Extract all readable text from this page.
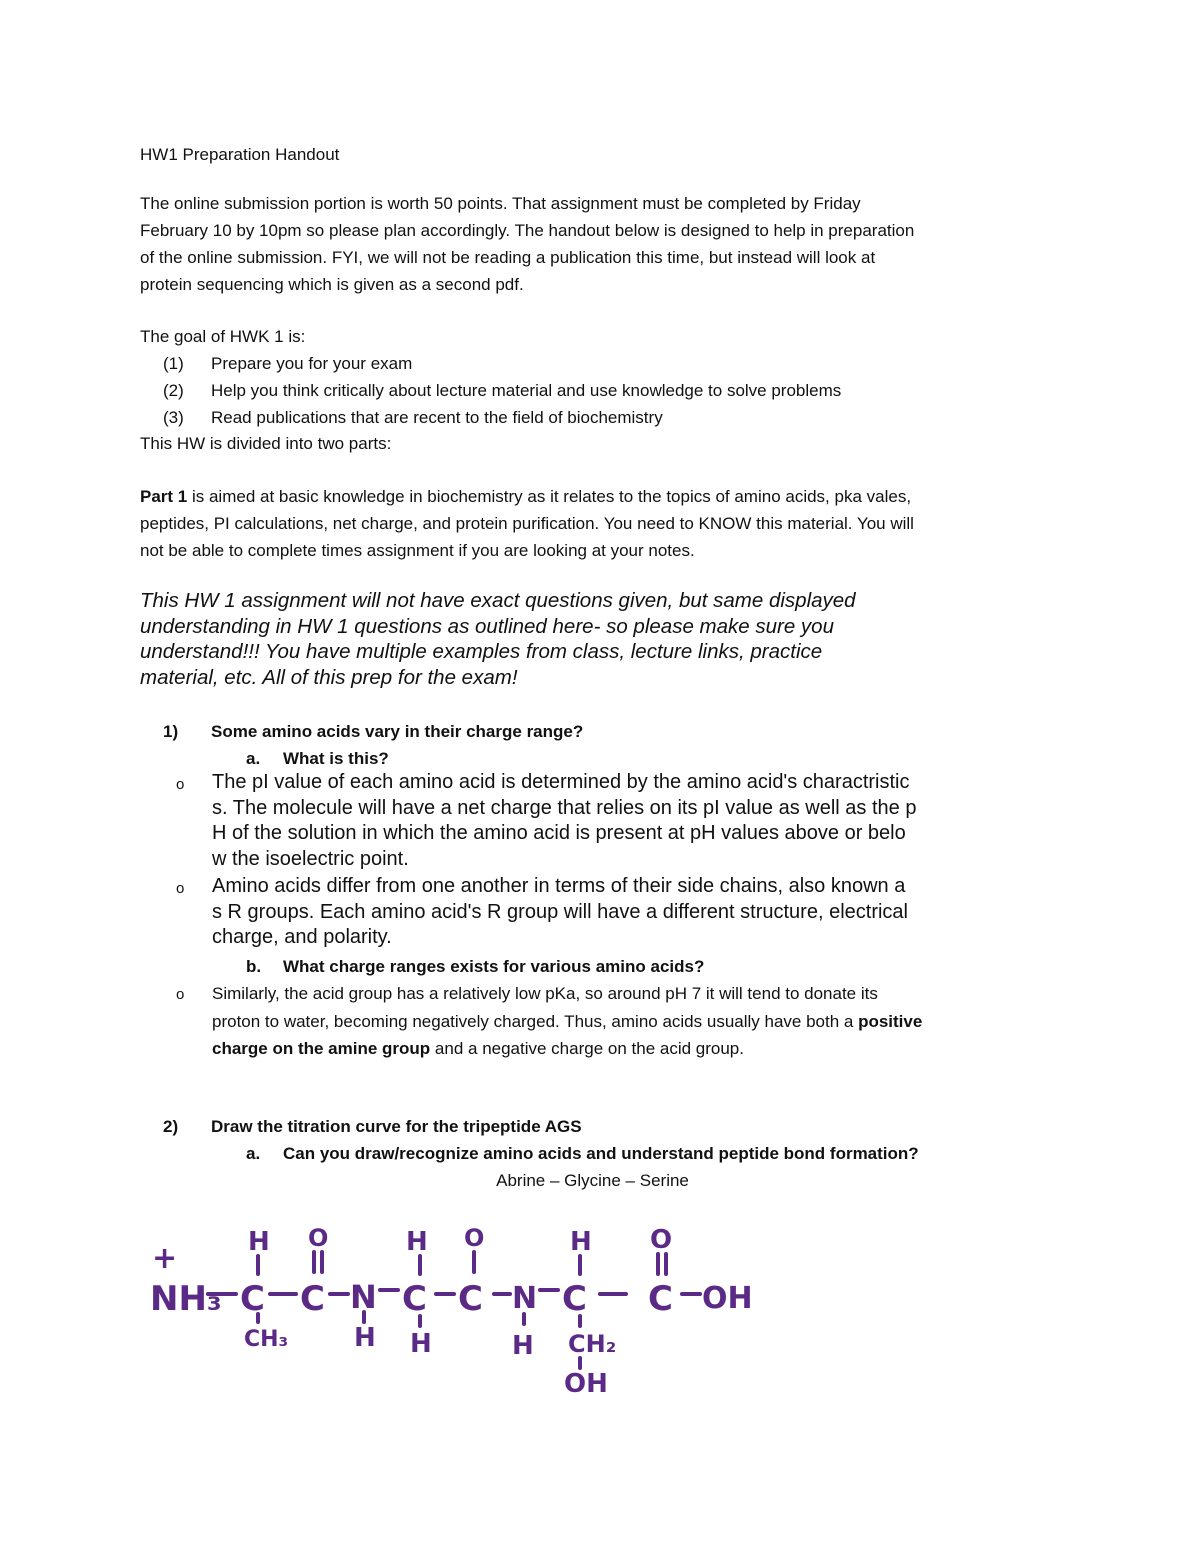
HW1 Preparation Handout
The online submission portion is worth 50 points. That assignment must be completed by Friday
February 10 by 10pm so please plan accordingly. The handout below is designed to help in preparation
of the online submission. FYI, we will not be reading a publication this time, but instead will look at
protein sequencing which is given as a second pdf.
The goal of HWK 1 is:
(1) Prepare you for your exam
(2) Help you think critically about lecture material and use knowledge to solve problems
(3) Read publications that are recent to the field of biochemistry
This HW is divided into two parts:
Part 1 is aimed at basic knowledge in biochemistry as it relates to the topics of amino acids, pka vales,
peptides, PI calculations, net charge, and protein purification. You need to KNOW this material. You will
not be able to complete times assignment if you are looking at your notes.
This HW 1 assignment will not have exact questions given, but same displayed
understanding in HW 1 questions as outlined here- so please make sure you
understand!!! You have multiple examples from class, lecture links, practice
material, etc. All of this prep for the exam!
1) Some amino acids vary in their charge range?
a. What is this?
o The pI value of each amino acid is determined by the amino acid's charactristic
s. The molecule will have a net charge that relies on its pI value as well as the p
H of the solution in which the amino acid is present at pH values above or belo
w the isoelectric point.
o Amino acids differ from one another in terms of their side chains, also known a
s R groups. Each amino acid's R group will have a different structure, electrical
charge, and polarity.
b. What charge ranges exists for various amino acids?
o Similarly, the acid group has a relatively low pKa, so around pH 7 it will tend to donate its
proton to water, becoming negatively charged. Thus, amino acids usually have both a positive
charge on the amine group and a negative charge on the acid group.
2) Draw the titration curve for the tripeptide AGS
a. Can you draw/recognize amino acids and understand peptide bond formation?
Abrine – Glycine – Serine
+
NH₃ C
H
CH₃
C
O
N
H
C
H
H
C
O
N
H
C
H
CH₂
OH
C
O
OH
